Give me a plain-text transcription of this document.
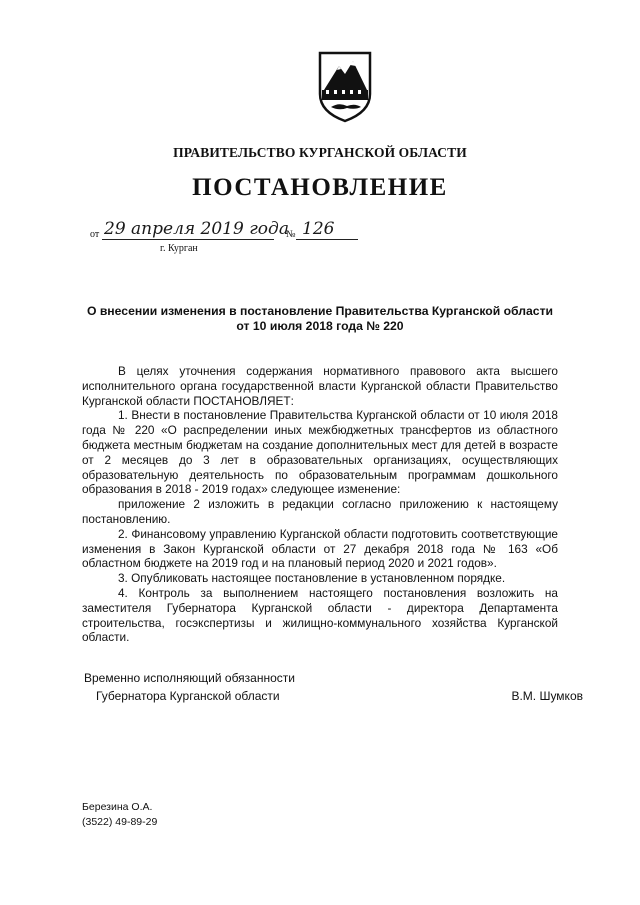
ПРАВИТЕЛЬСТВО КУРГАНСКОЙ ОБЛАСТИ
ПОСТАНОВЛЕНИЕ
от 29 апреля 2019 года
№ 126
г. Курган
О внесении изменения в постановление Правительства Курганской области
от 10 июля 2018 года № 220

В целях уточнения содержания нормативного правового акта высшего исполнительного органа государственной власти Курганской области Правительство Курганской области ПОСТАНОВЛЯЕТ:

1. Внести в постановление Правительства Курганской области от 10 июля 2018 года № 220 «О распределении иных межбюджетных трансфертов из областного бюджета местным бюджетам на создание дополнительных мест для детей в возрасте от 2 месяцев до 3 лет в образовательных организациях, осуществляющих образовательную деятельность по образовательным программам дошкольного образования в 2018 - 2019 годах» следующее изменение:

приложение 2 изложить в редакции согласно приложению к настоящему постановлению.

2. Финансовому управлению Курганской области подготовить соответствующие изменения в Закон Курганской области от 27 декабря 2018 года № 163 «Об областном бюджете на 2019 год и на плановый период 2020 и 2021 годов».

3. Опубликовать настоящее постановление в установленном порядке.

4. Контроль за выполнением настоящего постановления возложить на заместителя Губернатора Курганской области - директора Департамента строительства, госэкспертизы и жилищно-коммунального хозяйства Курганской области.

Временно исполняющий обязанности
Губернатора Курганской области	В.М. Шумков
Березина О.А.
(3522) 49-89-29
